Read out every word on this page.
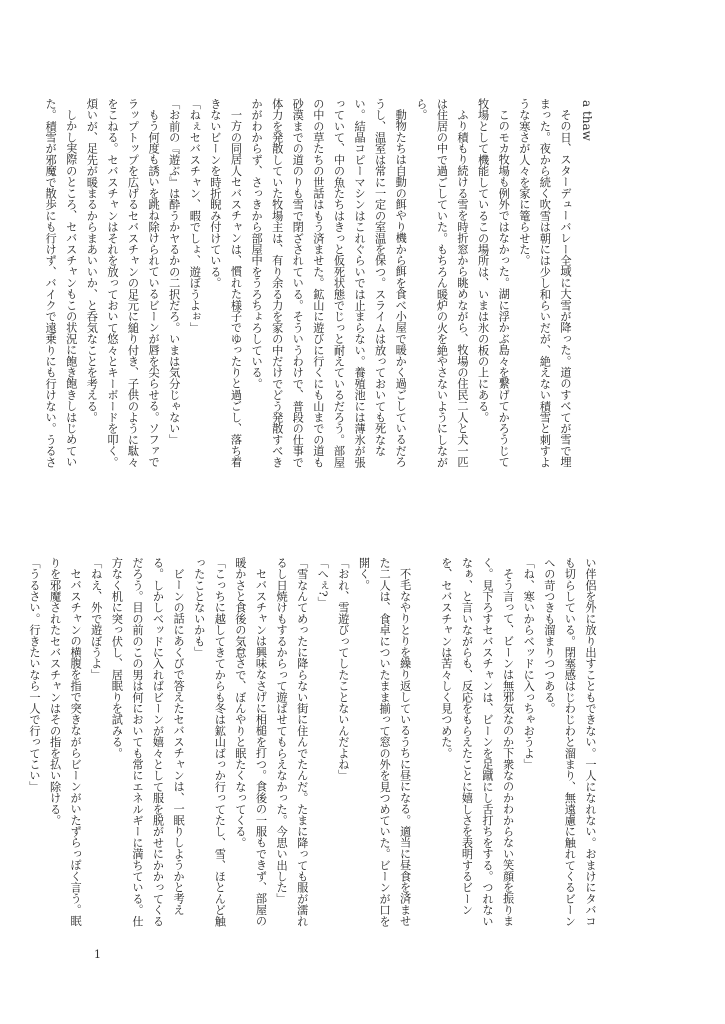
a thaw

その日、スターデューバレー全域に大雪が降った。道のすべてが雪で埋まった。夜から続く吹雪は朝には少し和らいだが、絶えない積雪と刺すような寒さが人々を家に篭らせた。

このモカ牧場も例外ではなかった。湖に浮かぶ島々を繋げてかろうじて牧場として機能しているこの場所は、いまは氷の板の上にある。

ふり積もり続ける雪を時折窓から眺めながら、牧場の住民二人と犬一匹は住居の中で過ごしていた。もちろん暖炉の火を絶やさないようにしながら。

動物たちは自動の餌やり機から餌を食べ小屋で暖かく過ごしているだろうし、温室は常に一定の室温を保つ。スライムは放っておいても死なない。結晶コピーマシンはこれぐらいでは止まらない。養殖池には薄氷が張っていて、中の魚たちはきっと仮死状態でじっと耐えているだろう。部屋の中の草たちの世話はもう済ませた。鉱山に遊びに行くにも山までの道も砂漠までの道のりも雪で閉ざされている。そういうわけで、普段の仕事で体力を発散していた牧場主は、有り余る力を家の中だけでどう発散すべきかがわからず、さっきから部屋中をうろちょろしている。

一方の同居人セバスチャンは、慣れた様子でゆったりと過ごし、落ち着きないビーンを時折睨み付けている。

「ねぇセバスチャン、暇でしょ、遊ぼうよぉ」

「お前の『遊ぶ』は酔うかヤるかの二択だろ。いまは気分じゃない」

もう何度も誘いを跳ね除けられているビーンが唇を尖らせる。ソファでラップトップを広げるセバスチャンの足元に縋り付き、子供のように駄々をこねる。セバスチャンはそれを放っておいて悠々とキーボードを叩く。煩いが、足先が暖まるからまあいいか、と呑気なことを考える。

しかし実際のところ、セバスチャンもこの状況に飽き飽きしはじめていた。積雪が邪魔で散歩にも行けず、バイクで遠乗りにも行けない。うるさ

い伴侶を外に放り出すこともできない。一人になれない。おまけにタバコも切らしている。閉塞感はじわじわと溜まり、無遠慮に触れてくるビーンへの苛つきも溜まりつつある。

「ね、寒いからベッドに入っちゃおうよ」

そう言って、ビーンは無邪気なのか下衆なのかわからない笑顔を振りまく。見下ろすセバスチャンは、ビーンを足蹴にし舌打ちをする。つれないなぁ、と言いながらも、反応をもらえたことに嬉しさを表明するビーンを、セバスチャンは苦々しく見つめた。

不毛なやりとりを繰り返しているうちに昼になる。適当に昼食を済ませた二人は、食卓についたまま揃って窓の外を見つめていた。ビーンが口を開く。

「おれ、雪遊びってしたことないんだよね」

「へぇ?」

「雪なんてめったに降らない街に住んでたんだ。たまに降っても服が濡れるし日焼けもするからって遊ばせてもらえなかった。今思い出した」

セバスチャンは興味なさげに相槌を打つ。食後の一服もできず、部屋の暖かさと食後の気怠さで、ぼんやりと眠たくなってくる。

「こっちに越してきてからも冬は鉱山ばっか行ってたし、雪、ほとんど触ったことないかも」

ビーンの話にあくびで答えたセバスチャンは、一眠りしようかと考える。しかしベッドに入ればビーンが嬉々として服を脱がせにかかってくるだろう。目の前のこの男は何においても常にエネルギーに満ちている。仕方なく机に突っ伏し、居眠りを試みる。

「ねえ、外で遊ぼうよ」

セバスチャンの横腹を指で突きながらビーンがいたずらっぽく言う。眠りを邪魔されたセバスチャンはその指を払い除ける。

「うるさい。行きたいなら一人で行ってこい」

1
